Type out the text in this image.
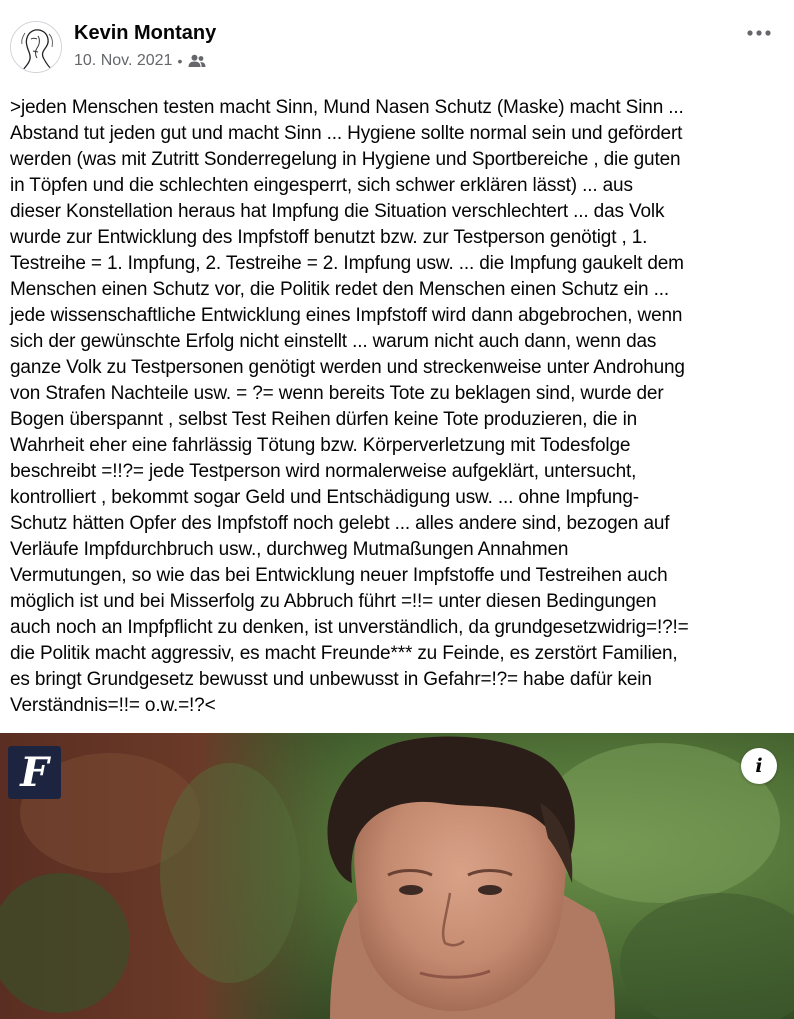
Kevin Montany
10. Nov. 2021 •

>jeden Menschen testen macht Sinn, Mund Nasen Schutz (Maske) macht Sinn ...
Abstand tut jeden gut und macht Sinn ... Hygiene sollte normal sein und gefördert
werden (was mit Zutritt Sonderregelung in Hygiene und Sportbereiche , die guten
in Töpfen und die schlechten eingesperrt, sich schwer erklären lässt) ... aus
dieser Konstellation heraus hat Impfung die Situation verschlechtert ... das Volk
wurde zur Entwicklung des Impfstoff benutzt bzw. zur Testperson genötigt , 1.
Testreihe = 1. Impfung, 2. Testreihe = 2. Impfung usw. ... die Impfung gaukelt dem
Menschen einen Schutz vor, die Politik redet den Menschen einen Schutz ein ...
jede wissenschaftliche Entwicklung eines Impfstoff wird dann abgebrochen, wenn
sich der gewünschte Erfolg nicht einstellt ... warum nicht auch dann, wenn das
ganze Volk zu Testpersonen genötigt werden und streckenweise unter Androhung
von Strafen Nachteile usw. = ?= wenn bereits Tote zu beklagen sind, wurde der
Bogen überspannt , selbst Test Reihen dürfen keine Tote produzieren, die in
Wahrheit eher eine fahrlässig Tötung bzw. Körperverletzung mit Todesfolge
beschreibt =!!?= jede Testperson wird normalerweise aufgeklärt, untersucht,
kontrolliert , bekommt sogar Geld und Entschädigung usw. ... ohne Impfung-
Schutz hätten Opfer des Impfstoff noch gelebt ... alles andere sind, bezogen auf
Verläufe Impfdurchbruch usw., durchweg Mutmaßungen Annahmen
Vermutungen, so wie das bei Entwicklung neuer Impfstoffe und Testreihen auch
möglich ist und bei Misserfolg zu Abbruch führt =!!= unter diesen Bedingungen
auch noch an Impfpflicht zu denken, ist unverständlich, da grundgesetzwidrig=!?!=
die Politik macht aggressiv, es macht Freunde*** zu Feinde, es zerstört Familien,
es bringt Grundgesetz bewusst und unbewusst in Gefahr=!?= habe dafür kein
Verständnis=!!= o.w.=!?<

F	i
